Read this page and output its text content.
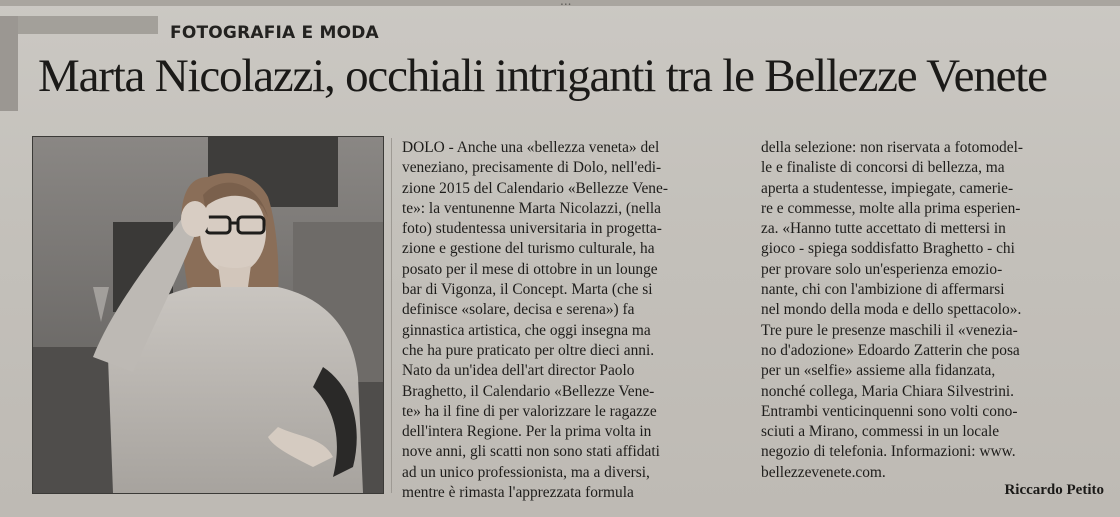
FOTOGRAFIA E MODA
Marta Nicolazzi, occhiali intriganti tra le Bellezze Venete

DOLO - Anche una «bellezza veneta» del

veneziano, precisamente di Dolo, nell'edi-

zione 2015 del Calendario «Bellezze Vene-

te»: la ventunenne Marta Nicolazzi, (nella

foto) studentessa universitaria in progetta-

zione e gestione del turismo culturale, ha

posato per il mese di ottobre in un lounge

bar di Vigonza, il Concept. Marta (che si

definisce «solare, decisa e serena») fa

ginnastica artistica, che oggi insegna ma

che ha pure praticato per oltre dieci anni.

Nato da un'idea dell'art director Paolo

Braghetto, il Calendario «Bellezze Vene-

te» ha il fine di per valorizzare le ragazze

dell'intera Regione. Per la prima volta in

nove anni, gli scatti non sono stati affidati

ad un unico professionista, ma a diversi,

mentre è rimasta l'apprezzata formula

della selezione: non riservata a fotomodel-

le e finaliste di concorsi di bellezza, ma

aperta a studentesse, impiegate, camerie-

re e commesse, molte alla prima esperien-

za. «Hanno tutte accettato di mettersi in

gioco - spiega soddisfatto Braghetto - chi

per provare solo un'esperienza emozio-

nante, chi con l'ambizione di affermarsi

nel mondo della moda e dello spettacolo».

Tre pure le presenze maschili il «venezia-

no d'adozione» Edoardo Zatterin che posa

per un «selfie» assieme alla fidanzata,

nonché collega, Maria Chiara Silvestrini.

Entrambi venticinquenni sono volti cono-

sciuti a Mirano, commessi in un locale

negozio di telefonia. Informazioni: www.

bellezzevenete.com.

Riccardo Petito
...
